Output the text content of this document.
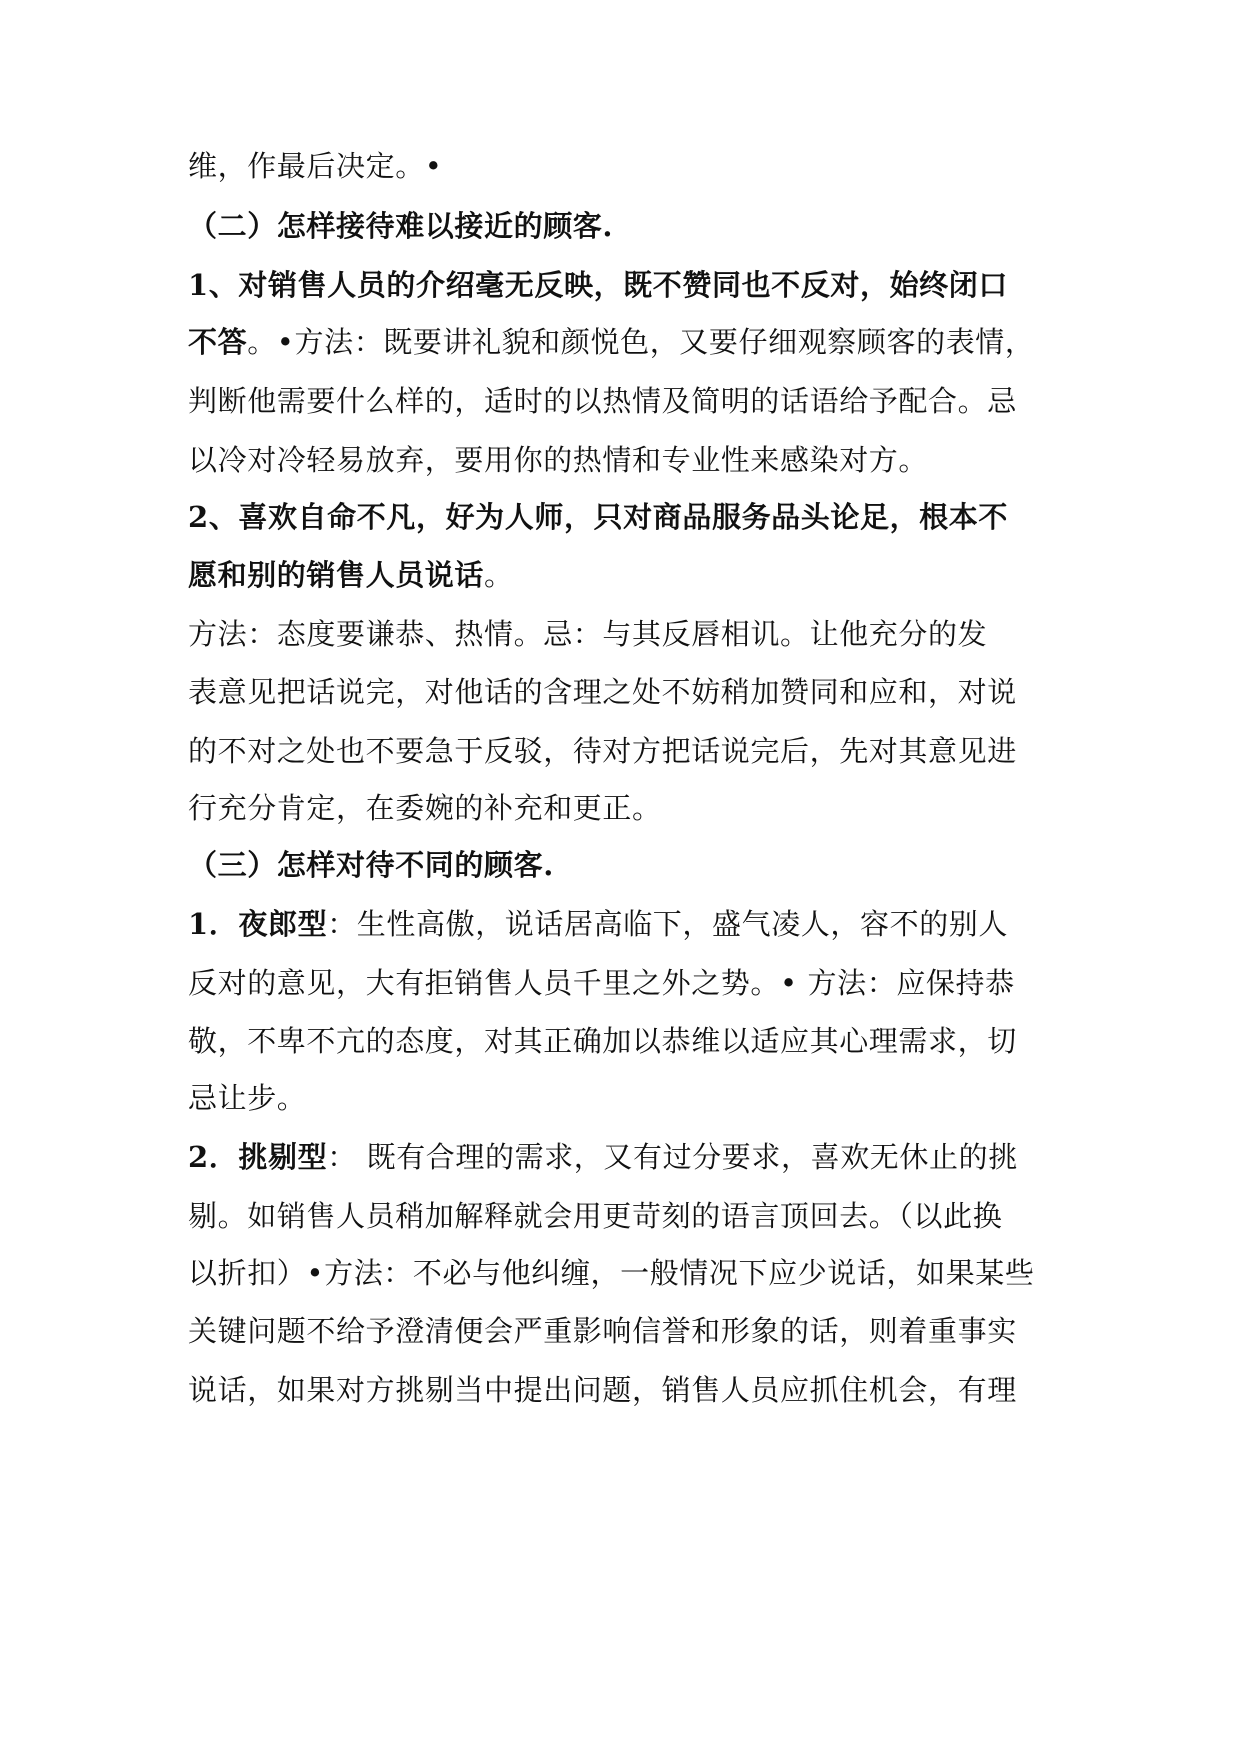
维，作最后决定。•
（二）怎样接待难以接近的顾客.
1、对销售人员的介绍毫无反映，既不赞同也不反对，始终闭口
不答。•方法：既要讲礼貌和颜悦色，又要仔细观察顾客的表情，
判断他需要什么样的，适时的以热情及简明的话语给予配合。忌
以冷对冷轻易放弃，要用你的热情和专业性来感染对方。
2、喜欢自命不凡，好为人师，只对商品服务品头论足，根本不
愿和别的销售人员说话。
方法：态度要谦恭、热情。忌：与其反唇相讥。让他充分的发
表意见把话说完，对他话的含理之处不妨稍加赞同和应和，对说
的不对之处也不要急于反驳，待对方把话说完后，先对其意见进
行充分肯定，在委婉的补充和更正。
（三）怎样对待不同的顾客.
1．夜郎型：生性高傲，说话居高临下，盛气凌人，容不的别人
反对的意见，大有拒销售人员千里之外之势。• 方法：应保持恭
敬，不卑不亢的态度，对其正确加以恭维以适应其心理需求，切
忌让步。
2．挑剔型： 既有合理的需求，又有过分要求，喜欢无休止的挑
剔。如销售人员稍加解释就会用更苛刻的语言顶回去。（以此换
以折扣）•方法：不必与他纠缠，一般情况下应少说话，如果某些
关键问题不给予澄清便会严重影响信誉和形象的话，则着重事实
说话，如果对方挑剔当中提出问题，销售人员应抓住机会，有理
